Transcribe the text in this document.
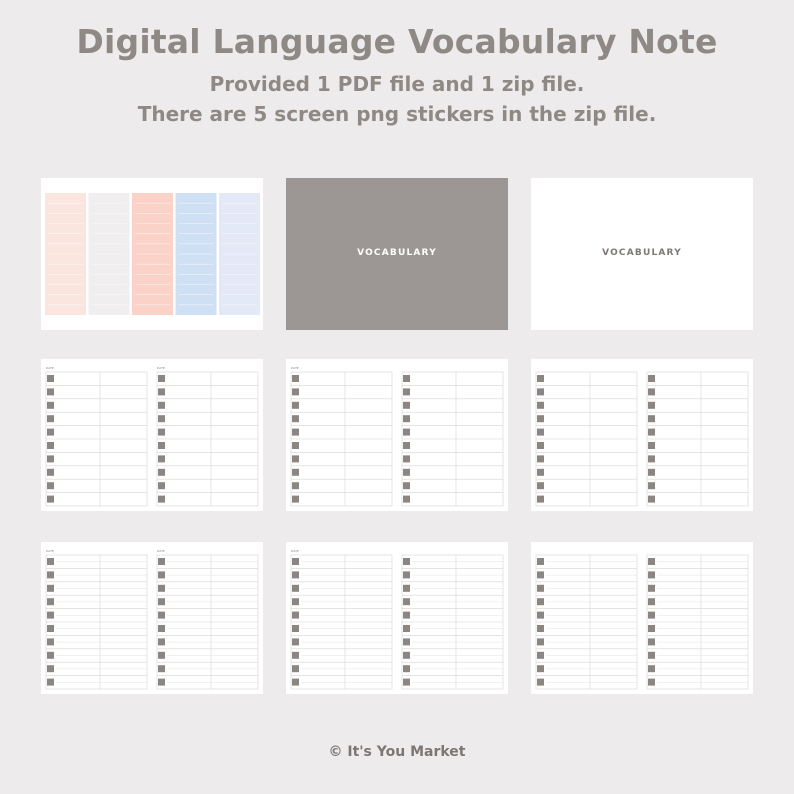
Digital Language Vocabulary Note
Provided 1 PDF file and 1 zip file.
There are 5 screen png stickers in the zip file.
VOCABULARY	VOCABULARY
DATE	DATE	DATE
DATE	DATE	DATE
© It's You Market
